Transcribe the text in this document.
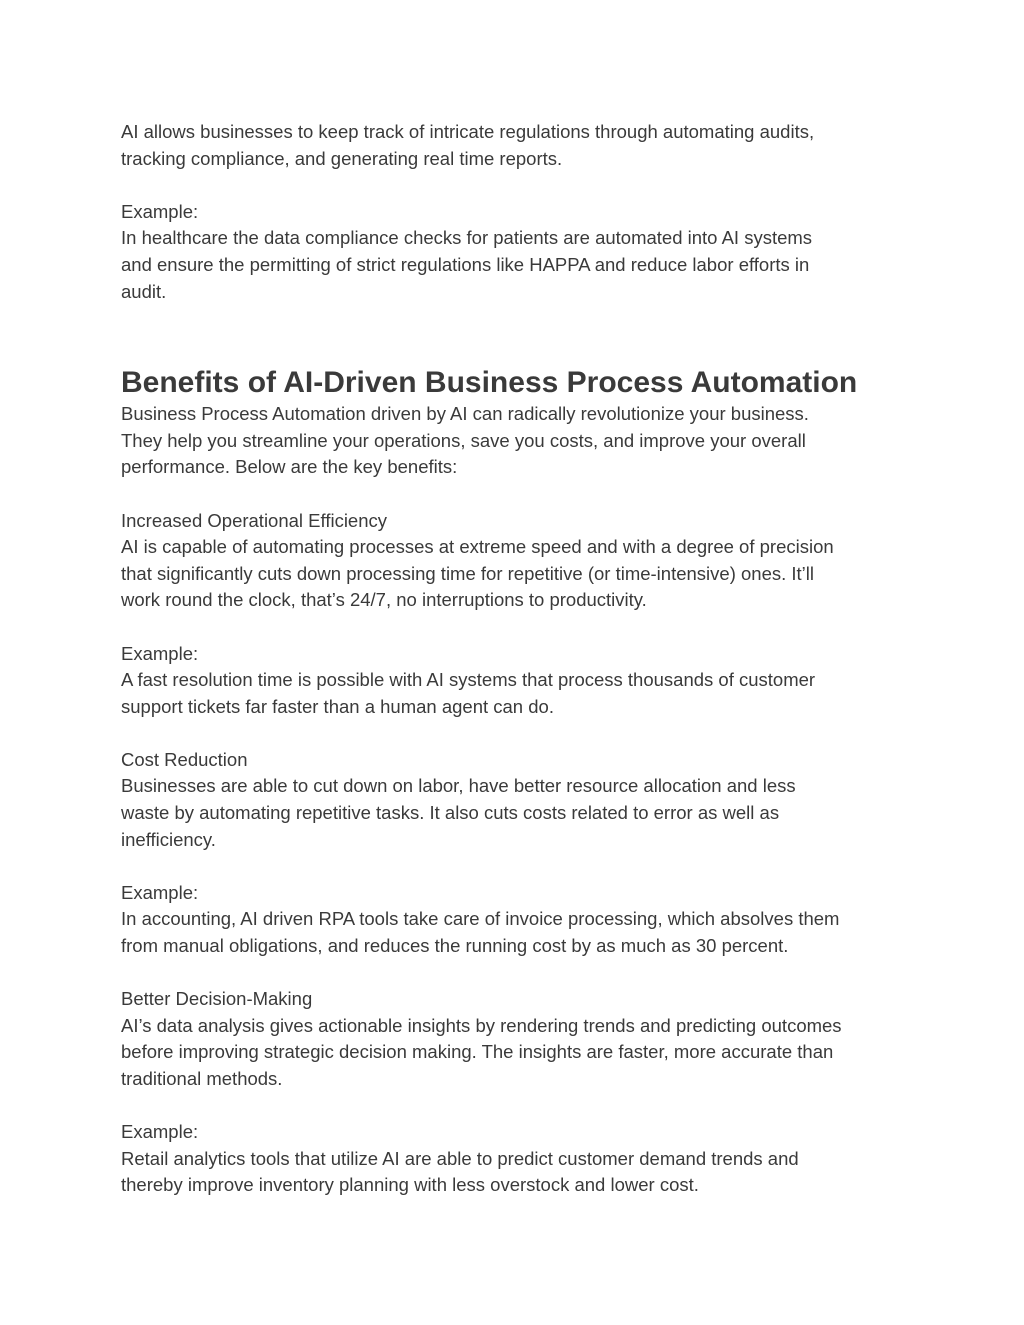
AI allows businesses to keep track of intricate regulations through automating audits,
tracking compliance, and generating real time reports.

Example:

In healthcare the data compliance checks for patients are automated into AI systems
and ensure the permitting of strict regulations like HAPPA and reduce labor efforts in
audit.

Benefits of AI-Driven Business Process Automation

Business Process Automation driven by AI can radically revolutionize your business.
They help you streamline your operations, save you costs, and improve your overall
performance. Below are the key benefits:

Increased Operational Efficiency

AI is capable of automating processes at extreme speed and with a degree of precision
that significantly cuts down processing time for repetitive (or time-intensive) ones. It’ll
work round the clock, that’s 24/7, no interruptions to productivity.

Example:

A fast resolution time is possible with AI systems that process thousands of customer
support tickets far faster than a human agent can do.

Cost Reduction

Businesses are able to cut down on labor, have better resource allocation and less
waste by automating repetitive tasks. It also cuts costs related to error as well as
inefficiency.

Example:

In accounting, AI driven RPA tools take care of invoice processing, which absolves them
from manual obligations, and reduces the running cost by as much as 30 percent.

Better Decision-Making

AI’s data analysis gives actionable insights by rendering trends and predicting outcomes
before improving strategic decision making. The insights are faster, more accurate than
traditional methods.

Example:

Retail analytics tools that utilize AI are able to predict customer demand trends and
thereby improve inventory planning with less overstock and lower cost.
